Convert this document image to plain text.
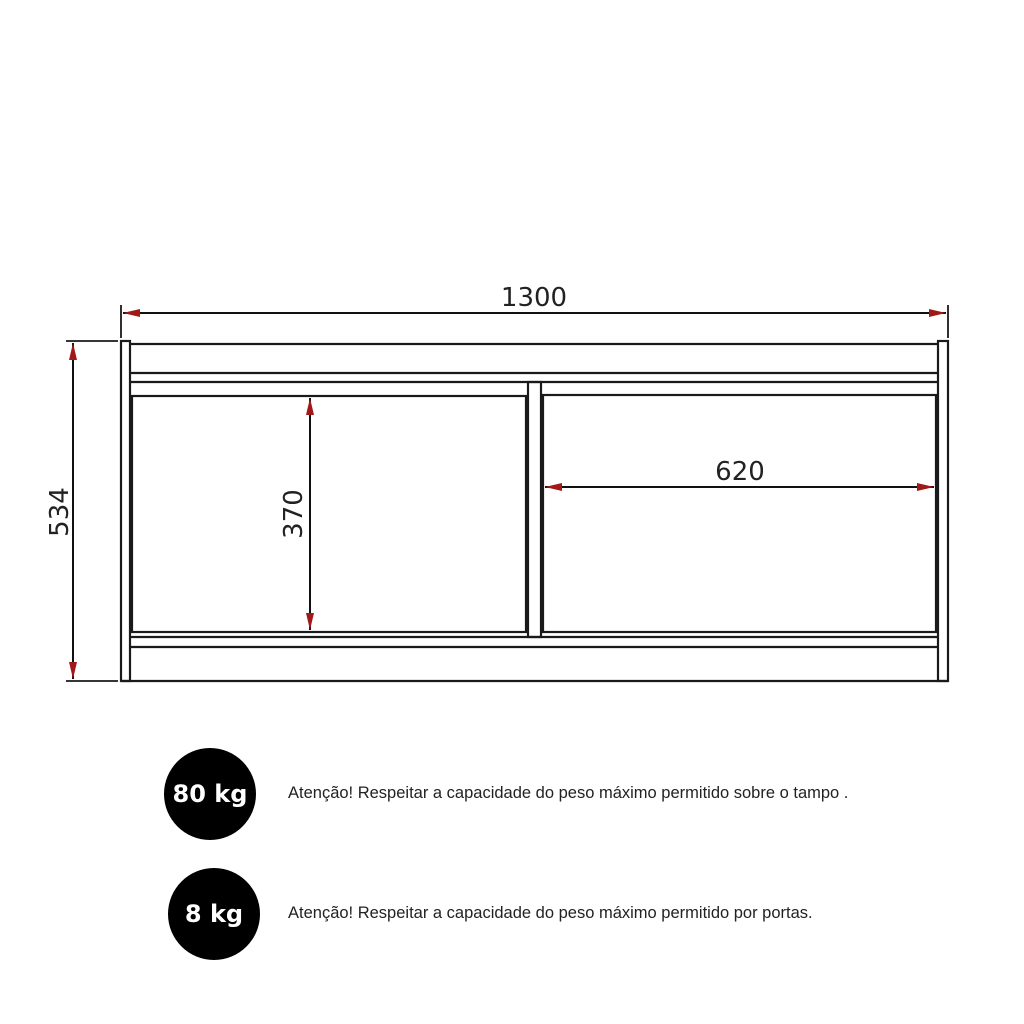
1300
534	370
620
80 kg	Atenção! Respeitar a capacidade do peso máximo permitido sobre o tampo .
8 kg	Atenção! Respeitar a capacidade do peso máximo permitido por portas.
